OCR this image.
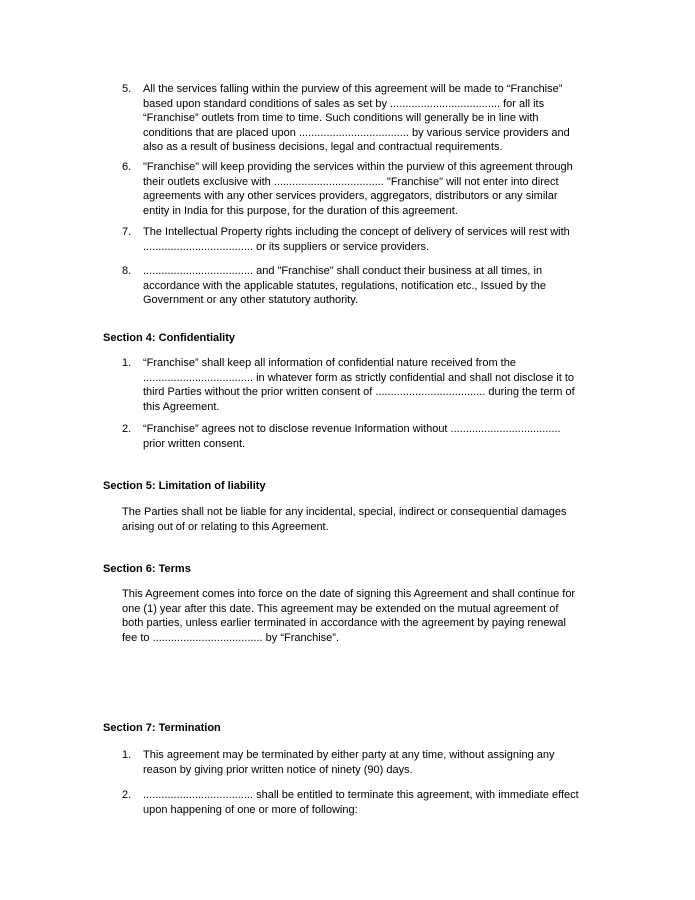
5. All the services falling within the purview of this agreement will be made to “Franchise”
based upon standard conditions of sales as set by .................................... for all its
“Franchise” outlets from time to time. Such conditions will generally be in line with
conditions that are placed upon .................................... by various service providers and
also as a result of business decisions, legal and contractual requirements.
6. "Franchise" will keep providing the services within the purview of this agreement through
their outlets exclusive with .................................... "Franchise" will not enter into direct
agreements with any other services providers, aggregators, distributors or any similar
entity in India for this purpose, for the duration of this agreement.
7. The Intellectual Property rights including the concept of delivery of services will rest with
.................................... or its suppliers or service providers.
8. .................................... and "Franchise" shall conduct their business at all times, in
accordance with the applicable statutes, regulations, notification etc., Issued by the
Government or any other statutory authority.
Section 4: Confidentiality
1. “Franchise” shall keep all information of confidential nature received from the
.................................... in whatever form as strictly confidential and shall not disclose it to
third Parties without the prior written consent of .................................... during the term of
this Agreement.
2. “Franchise” agrees not to disclose revenue Information without ....................................
prior written consent.
Section 5: Limitation of liability
The Parties shall not be liable for any incidental, special, indirect or consequential damages
arising out of or relating to this Agreement.
Section 6: Terms
This Agreement comes into force on the date of signing this Agreement and shall continue for
one (1) year after this date. This agreement may be extended on the mutual agreement of
both parties, unless earlier terminated in accordance with the agreement by paying renewal
fee to .................................... by “Franchise”.
Section 7: Termination
1. This agreement may be terminated by either party at any time, without assigning any
reason by giving prior written notice of ninety (90) days.
2. .................................... shall be entitled to terminate this agreement, with immediate effect
upon happening of one or more of following:
